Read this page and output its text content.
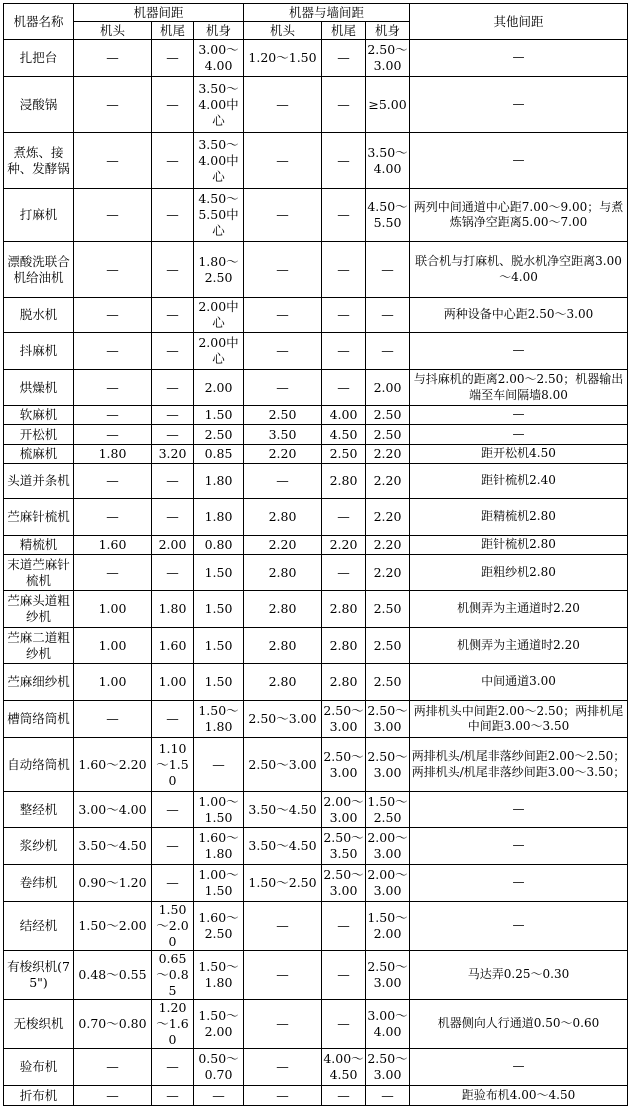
机器名称	机器间距			机器与墙间距			其他间距
	机头	机尾	机身	机头	机尾	机身	
扎把台	—	—	3.00～4.00	1.20～1.50	—	2.50～3.00	—
浸酸锅	—	—	3.50～4.00中心	—	—	≥5.00	—
煮炼、接种、发酵锅	—	—	3.50～4.00中心	—	—	3.50～4.00	—
打麻机	—	—	4.50～5.50中心	—	—	4.50～5.50	两列中间通道中心距7.00～9.00；与煮炼锅净空距离5.00～7.00
漂酸洗联合机给油机	—	—	1.80～2.50	—	—	—	联合机与打麻机、脱水机净空距离3.00～4.00
脱水机	—	—	2.00中心	—	—	—	两种设备中心距2.50～3.00
抖麻机	—	—	2.00中心	—	—	—	—
烘燥机	—	—	2.00	—	—	2.00	与抖麻机的距离2.00～2.50；机器输出端至车间隔墙8.00
软麻机	—	—	1.50	2.50	4.00	2.50	—
开松机	—	—	2.50	3.50	4.50	2.50	—
梳麻机	1.80	3.20	0.85	2.20	2.50	2.20	距开松机4.50
头道并条机	—	—	1.80	—	2.80	2.20	距针梳机2.40
苎麻针梳机	—	—	1.80	2.80	—	2.20	距精梳机2.80
精梳机	1.60	2.00	0.80	2.20	2.20	2.20	距针梳机2.80
末道苎麻针梳机	—	—	1.50	2.80	—	2.20	距粗纱机2.80
苎麻头道粗纱机	1.00	1.80	1.50	2.80	2.80	2.50	机侧弄为主通道时2.20
苎麻二道粗纱机	1.00	1.60	1.50	2.80	2.80	2.50	机侧弄为主通道时2.20
苎麻细纱机	1.00	1.00	1.50	2.80	2.80	2.50	中间通道3.00
槽筒络筒机	—	—	1.50～1.80	2.50～3.00	2.50～3.00	2.50～3.00	两排机头中间距2.00～2.50；两排机尾中间距3.00～3.50
自动络筒机	1.60～2.20	1.10～1.50	—	2.50～3.00	2.50～3.00	2.50～3.00	两排机头/机尾非落纱间距2.00～2.50；两排机头/机尾非落纱间距3.00～3.50；
整经机	3.00～4.00	—	1.00～1.50	3.50～4.50	2.00～3.00	1.50～2.50	—
浆纱机	3.50～4.50	—	1.60～1.80	3.50～4.50	2.50～3.50	2.00～3.00	—
卷纬机	0.90～1.20	—	1.00～1.50	1.50～2.50	2.50～3.00	2.00～3.00	—
结经机	1.50～2.00	1.50～2.00	1.60～2.50	—	—	1.50～2.00	—
有梭织机(75")	0.48～0.55	0.65～0.85	1.50～1.80	—	—	2.50～3.00	马达弄0.25～0.30
无梭织机	0.70～0.80	1.20～1.60	1.50～2.00	—	—	3.00～4.00	机器侧向人行通道0.50～0.60
验布机	—	—	0.50～0.70	—	4.00～4.50	2.50～3.00	—
折布机	—	—	—	—	—	—	距验布机4.00～4.50
